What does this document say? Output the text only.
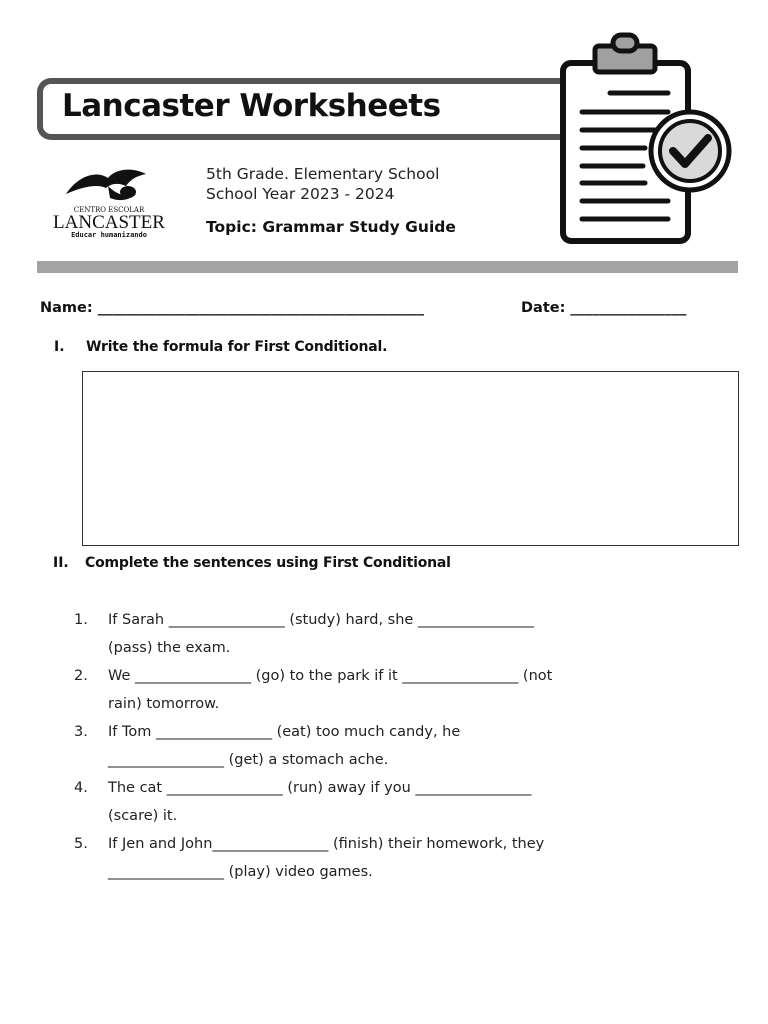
Lancaster Worksheets
CENTRO ESCOLAR
LANCASTER
Educar humanizando
5th Grade. Elementary School
School Year 2023 - 2024
Topic: Grammar Study Guide
Name: _____________________________________________	Date: ________________
I. Write the formula for First Conditional.
II. Complete the sentences using First Conditional
1. If Sarah ________________ (study) hard, she ________________
(pass) the exam.
2. We ________________ (go) to the park if it ________________ (not
rain) tomorrow.
3. If Tom ________________ (eat) too much candy, he
________________ (get) a stomach ache.
4. The cat ________________ (run) away if you ________________
(scare) it.
5. If Jen and John________________ (finish) their homework, they
________________ (play) video games.
